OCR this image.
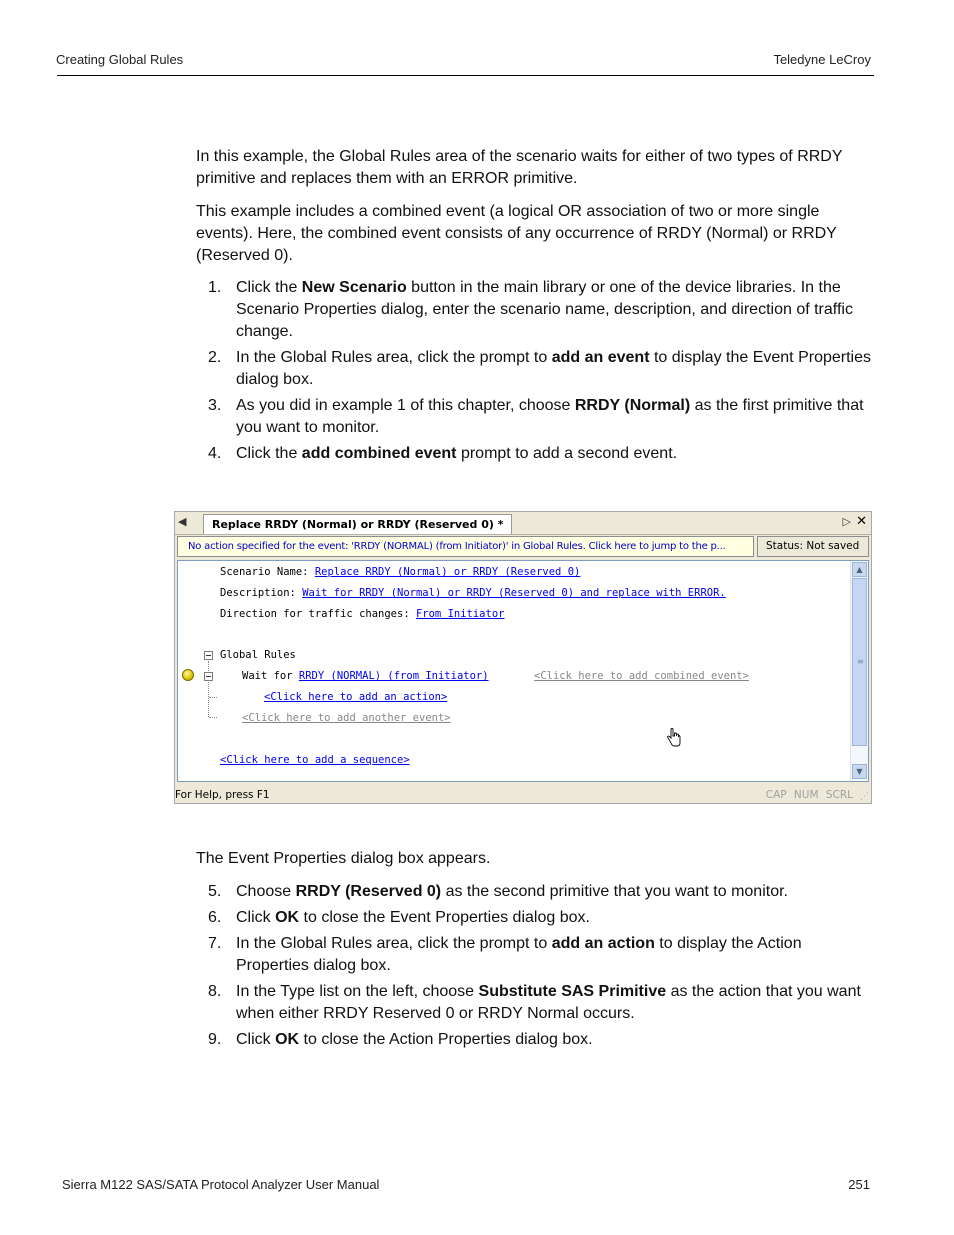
Creating Global Rules	Teledyne LeCroy
In this example, the Global Rules area of the scenario waits for either of two types of RRDY primitive and replaces them with an ERROR primitive.
This example includes a combined event (a logical OR association of two or more single events). Here, the combined event consists of any occurrence of RRDY (Normal) or RRDY (Reserved 0).
1. Click the New Scenario button in the main library or one of the device libraries. In the Scenario Properties dialog, enter the scenario name, description, and direction of traffic change.
2. In the Global Rules area, click the prompt to add an event to display the Event Properties dialog box.
3. As you did in example 1 of this chapter, choose RRDY (Normal) as the first primitive that you want to monitor.
4. Click the add combined event prompt to add a second event.
◀	Replace RRDY (Normal) or RRDY (Reserved 0) *	▷ ✕
No action specified for the event: 'RRDY (NORMAL) (from Initiator)' in Global Rules. Click here to jump to the p...	Status: Not saved
Scenario Name: Replace RRDY (Normal) or RRDY (Reserved 0)
Description: Wait for RRDY (Normal) or RRDY (Reserved 0) and replace with ERROR.
Direction for traffic changes: From Initiator
Global Rules
Wait for RRDY (NORMAL) (from Initiator)	<Click here to add combined event>
<Click here to add an action>
<Click here to add another event>
<Click here to add a sequence>
▲
≡
▼
For Help, press F1	CAP NUM SCRL ⋰
The Event Properties dialog box appears.
5. Choose RRDY (Reserved 0) as the second primitive that you want to monitor.
6. Click OK to close the Event Properties dialog box.
7. In the Global Rules area, click the prompt to add an action to display the Action Properties dialog box.
8. In the Type list on the left, choose Substitute SAS Primitive as the action that you want when either RRDY Reserved 0 or RRDY Normal occurs.
9. Click OK to close the Action Properties dialog box.
Sierra M122 SAS/SATA Protocol Analyzer User Manual	251
